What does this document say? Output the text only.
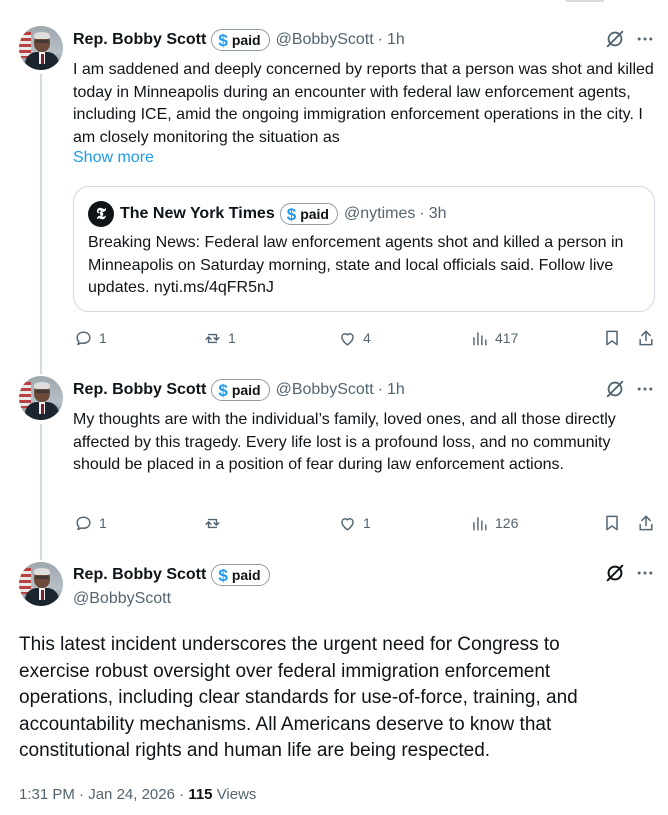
Rep. Bobby Scott $ paid @BobbyScott · 1h
I am saddened and deeply concerned by reports that a person was shot and killed today in Minneapolis during an encounter with federal law enforcement agents, including ICE, amid the ongoing immigration enforcement operations in the city. I am closely monitoring the situation as
Show more
𝕿 The New York Times $ paid @nytimes · 3h
Breaking News: Federal law enforcement agents shot and killed a person in Minneapolis on Saturday morning, state and local officials said. Follow live updates. nyti.ms/4qFR5nJ
1	1	4	417
Rep. Bobby Scott $ paid @BobbyScott · 1h
My thoughts are with the individual’s family, loved ones, and all those directly affected by this tragedy. Every life lost is a profound loss, and no community should be placed in a position of fear during law enforcement actions.
1	1	126
Rep. Bobby Scott $ paid
@BobbyScott
This latest incident underscores the urgent need for Congress to exercise robust oversight over federal immigration enforcement operations, including clear standards for use-of-force, training, and accountability mechanisms. All Americans deserve to know that constitutional rights and human life are being respected.
1:31 PM · Jan 24, 2026 · 115 Views
